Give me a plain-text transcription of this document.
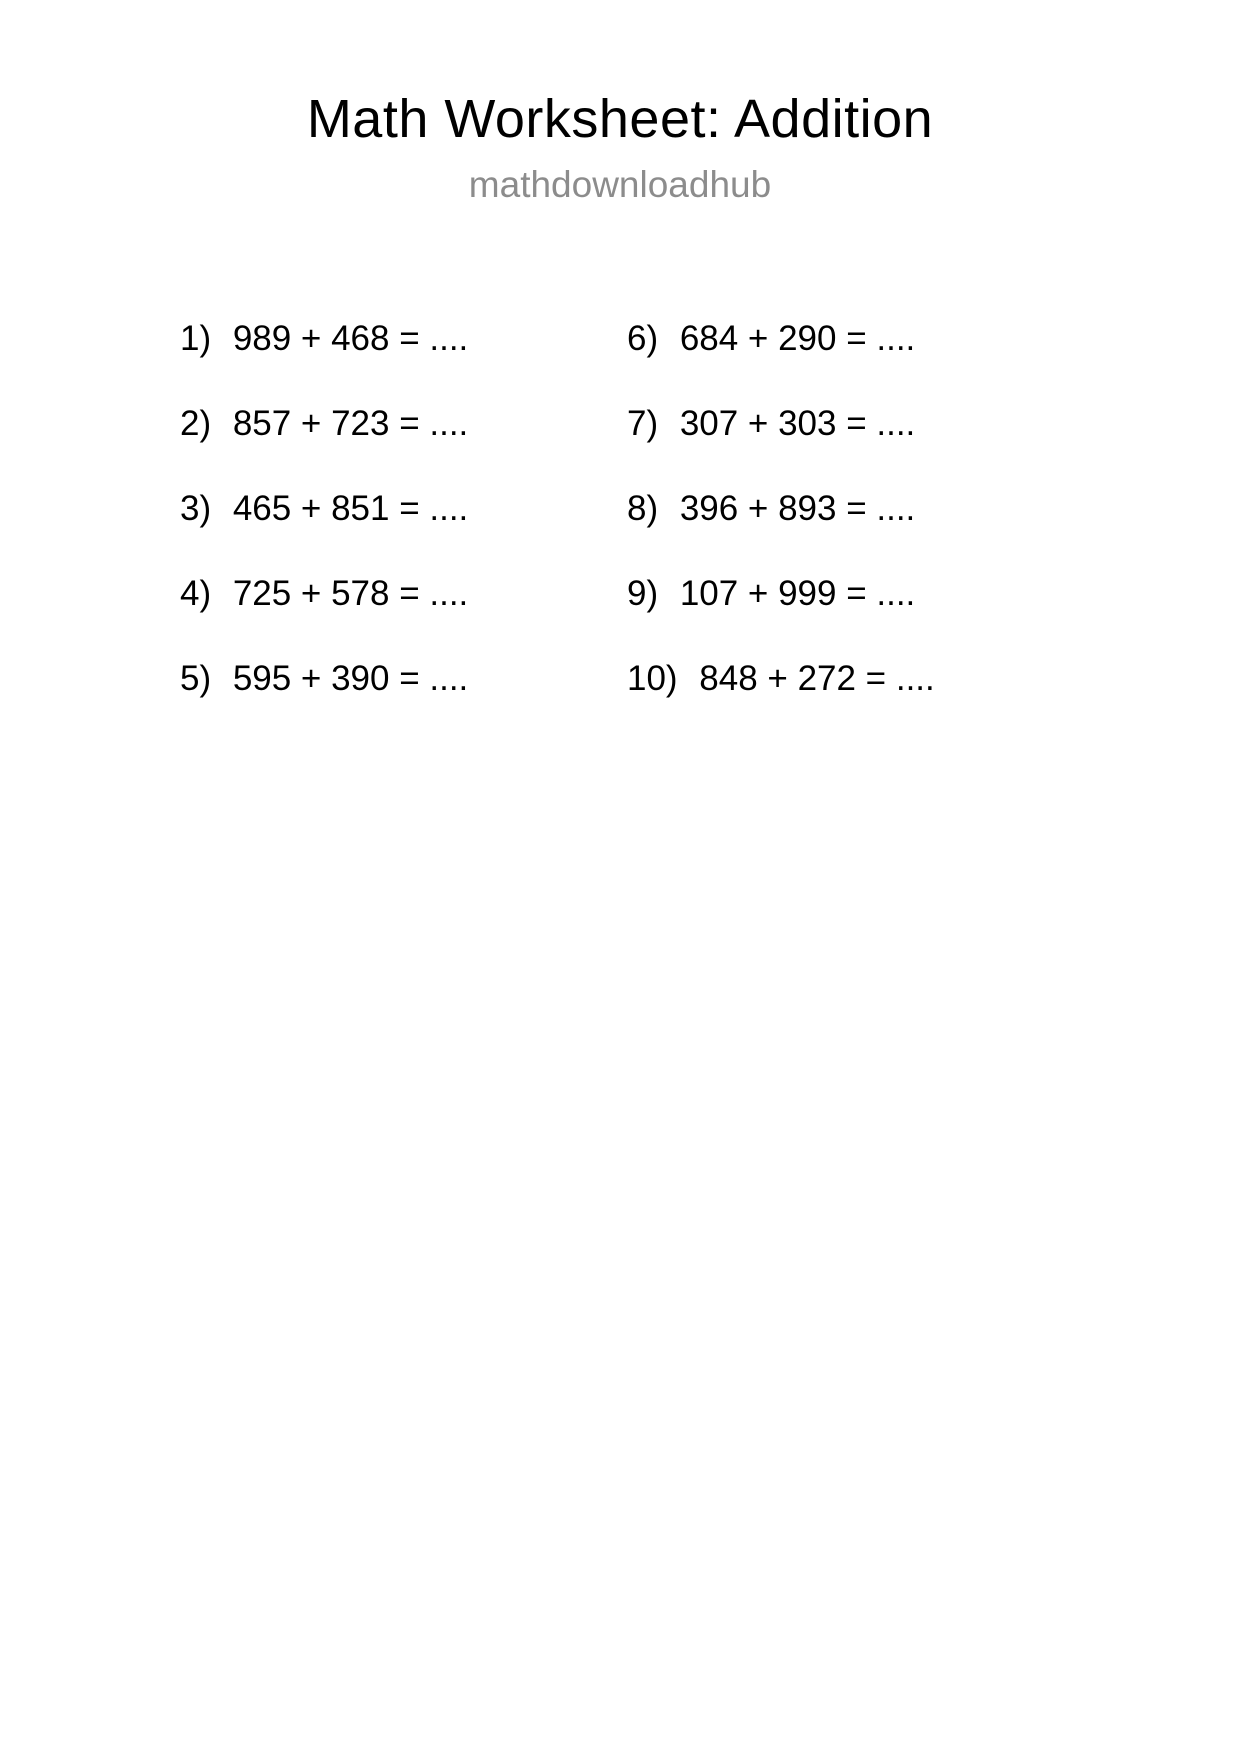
Math Worksheet: Addition
mathdownloadhub
1) 989 + 468 = ....
2) 857 + 723 = ....
3) 465 + 851 = ....
4) 725 + 578 = ....
5) 595 + 390 = ....
6) 684 + 290 = ....
7) 307 + 303 = ....
8) 396 + 893 = ....
9) 107 + 999 = ....
10) 848 + 272 = ....
